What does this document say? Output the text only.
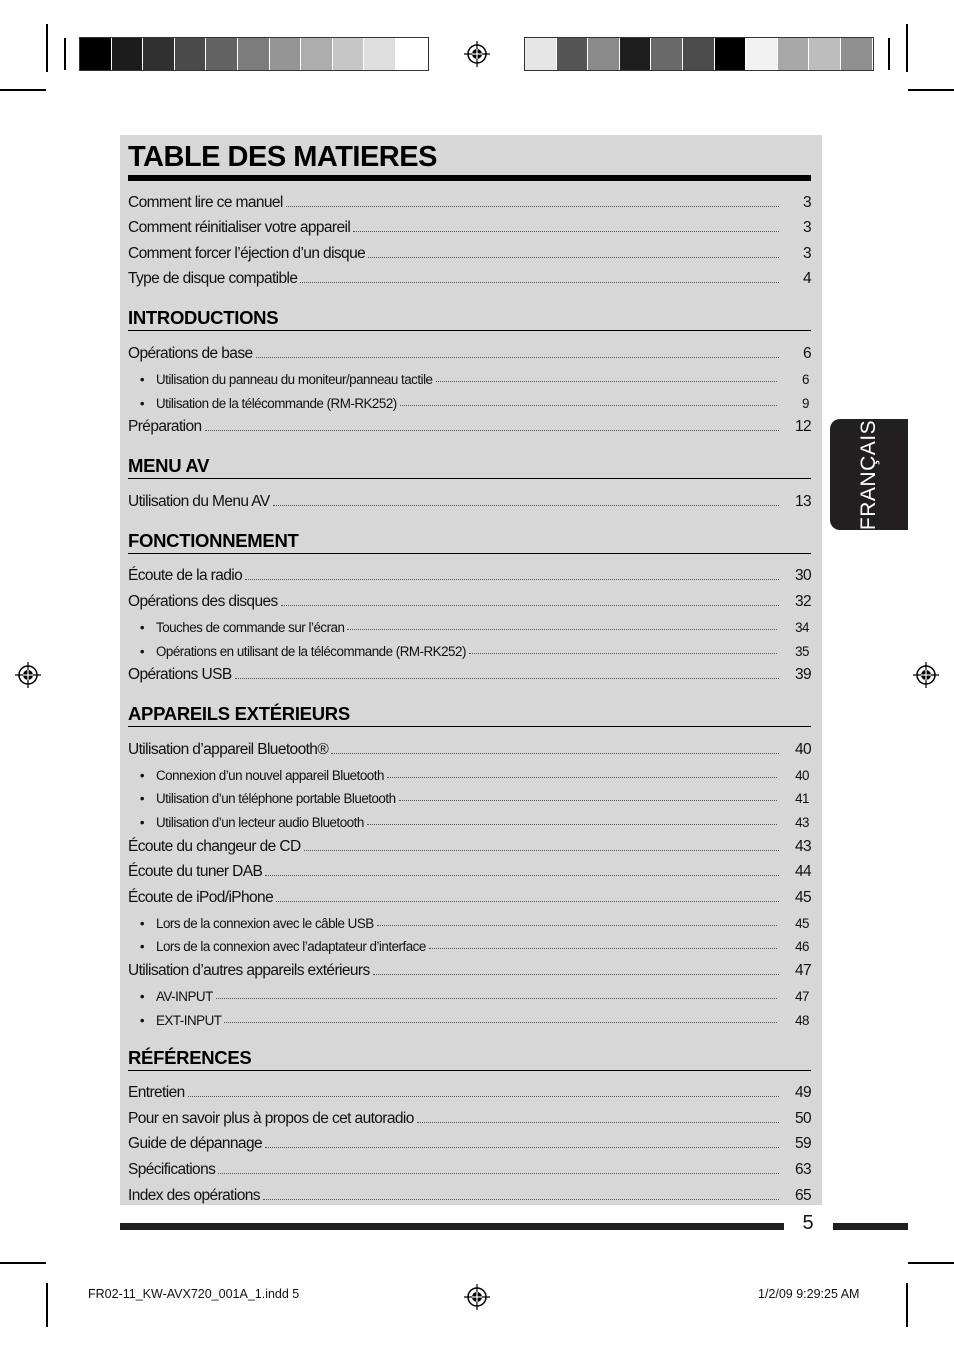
TABLE DES MATIERES
Comment lire ce manuel	3
Comment réinitialiser votre appareil	3
Comment forcer l’éjection d’un disque	3
Type de disque compatible	4
INTRODUCTIONS
Opérations de base	6
• Utilisation du panneau du moniteur/panneau tactile	6
• Utilisation de la télécommande (RM-RK252)	9
Préparation	12
MENU AV
Utilisation du Menu AV	13
FONCTIONNEMENT
Écoute de la radio	30
Opérations des disques	32
• Touches de commande sur l’écran	34
• Opérations en utilisant de la télécommande (RM-RK252)	35
Opérations USB	39
APPAREILS EXTÉRIEURS
Utilisation d’appareil Bluetooth®	40
• Connexion d’un nouvel appareil Bluetooth	40
• Utilisation d’un téléphone portable Bluetooth	41
• Utilisation d’un lecteur audio Bluetooth	43
Écoute du changeur de CD	43
Écoute du tuner DAB	44
Écoute de iPod/iPhone	45
• Lors de la connexion avec le câble USB	45
• Lors de la connexion avec l’adaptateur d’interface	46
Utilisation d’autres appareils extérieurs	47
• AV-INPUT	47
• EXT-INPUT	48
RÉFÉRENCES
Entretien	49
Pour en savoir plus à propos de cet autoradio	50
Guide de dépannage	59
Spécifications	63
Index des opérations	65
FRANÇAIS
5
FR02-11_KW-AVX720_001A_1.indd 5	1/2/09 9:29:25 AM
